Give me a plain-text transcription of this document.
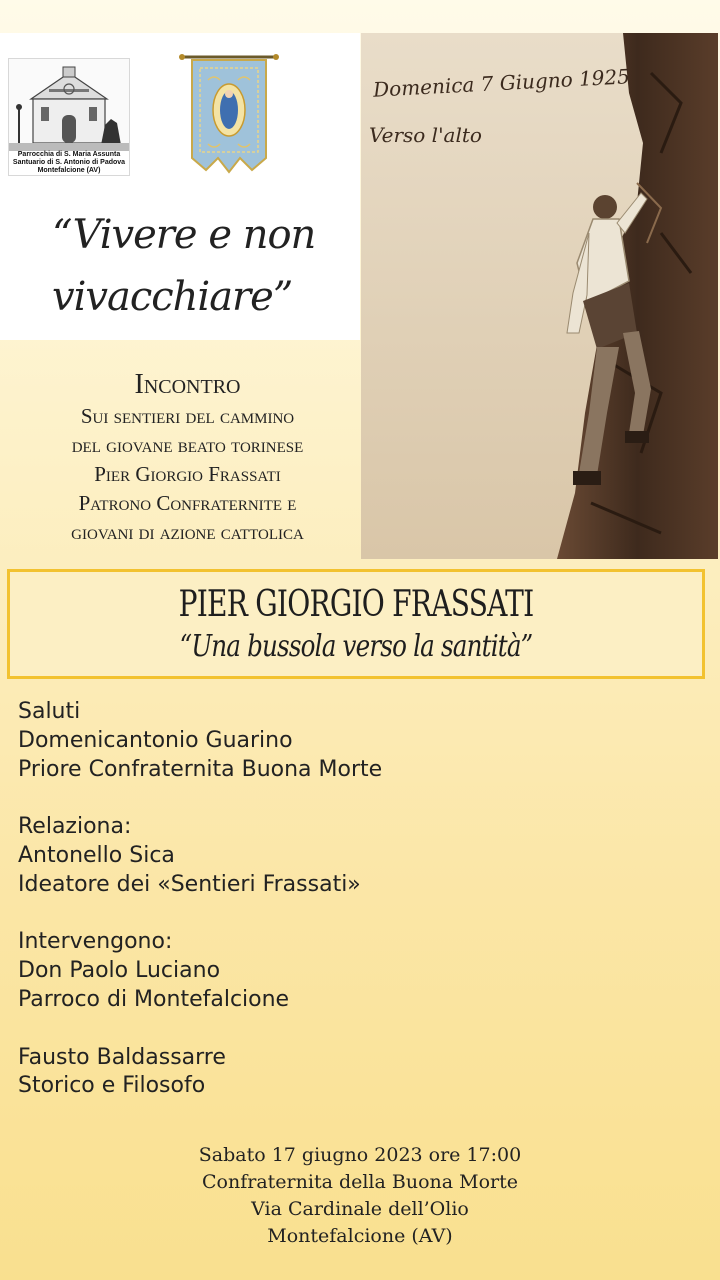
Parrocchia di S. Maria Assunta
Santuario di S. Antonio di Padova
Montefalcione (AV)
“Vivere e non
vivacchiare”
Domenica 7 Giugno 1925
Verso l'alto
Incontro
Sui sentieri del cammino
del giovane beato torinese
Pier Giorgio Frassati
Patrono Confraternite e
giovani di azione cattolica
PIER GIORGIO FRASSATI
“Una bussola verso la santità”
Saluti
Domenicantonio Guarino
Priore Confraternita Buona Morte
Relaziona:
Antonello Sica
Ideatore dei «Sentieri Frassati»
Intervengono:
Don Paolo Luciano
Parroco di Montefalcione
Fausto Baldassarre
Storico e Filosofo
Sabato 17 giugno 2023 ore 17:00
Confraternita della Buona Morte
Via Cardinale dell’Olio
Montefalcione (AV)
